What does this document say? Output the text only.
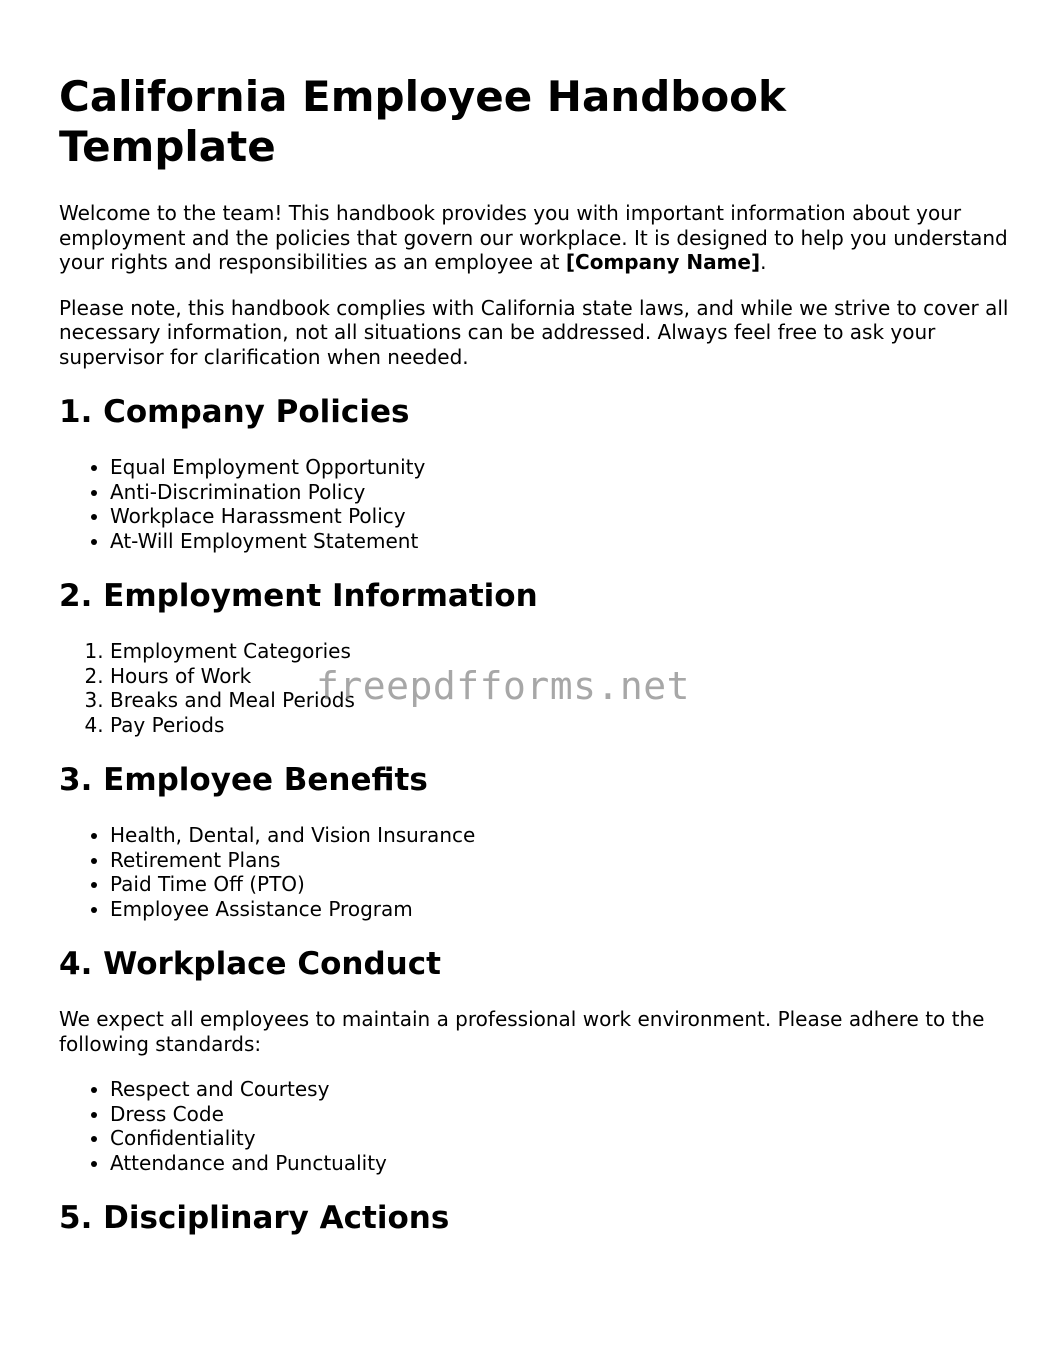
California Employee Handbook Template

Welcome to the team! This handbook provides you with important information about your employment and the policies that govern our workplace. It is designed to help you understand your rights and responsibilities as an employee at [Company Name].

Please note, this handbook complies with California state laws, and while we strive to cover all necessary information, not all situations can be addressed. Always feel free to ask your supervisor for clarification when needed.

1. Company Policies
• Equal Employment Opportunity
• Anti-Discrimination Policy
• Workplace Harassment Policy
• At-Will Employment Statement
2. Employment Information
1. Employment Categories
2. Hours of Work
3. Breaks and Meal Periods
4. Pay Periods
3. Employee Benefits
• Health, Dental, and Vision Insurance
• Retirement Plans
• Paid Time Off (PTO)
• Employee Assistance Program
4. Workplace Conduct

We expect all employees to maintain a professional work environment. Please adhere to the following standards:

• Respect and Courtesy
• Dress Code
• Confidentiality
• Attendance and Punctuality
5. Disciplinary Actions
freepdfforms.net
